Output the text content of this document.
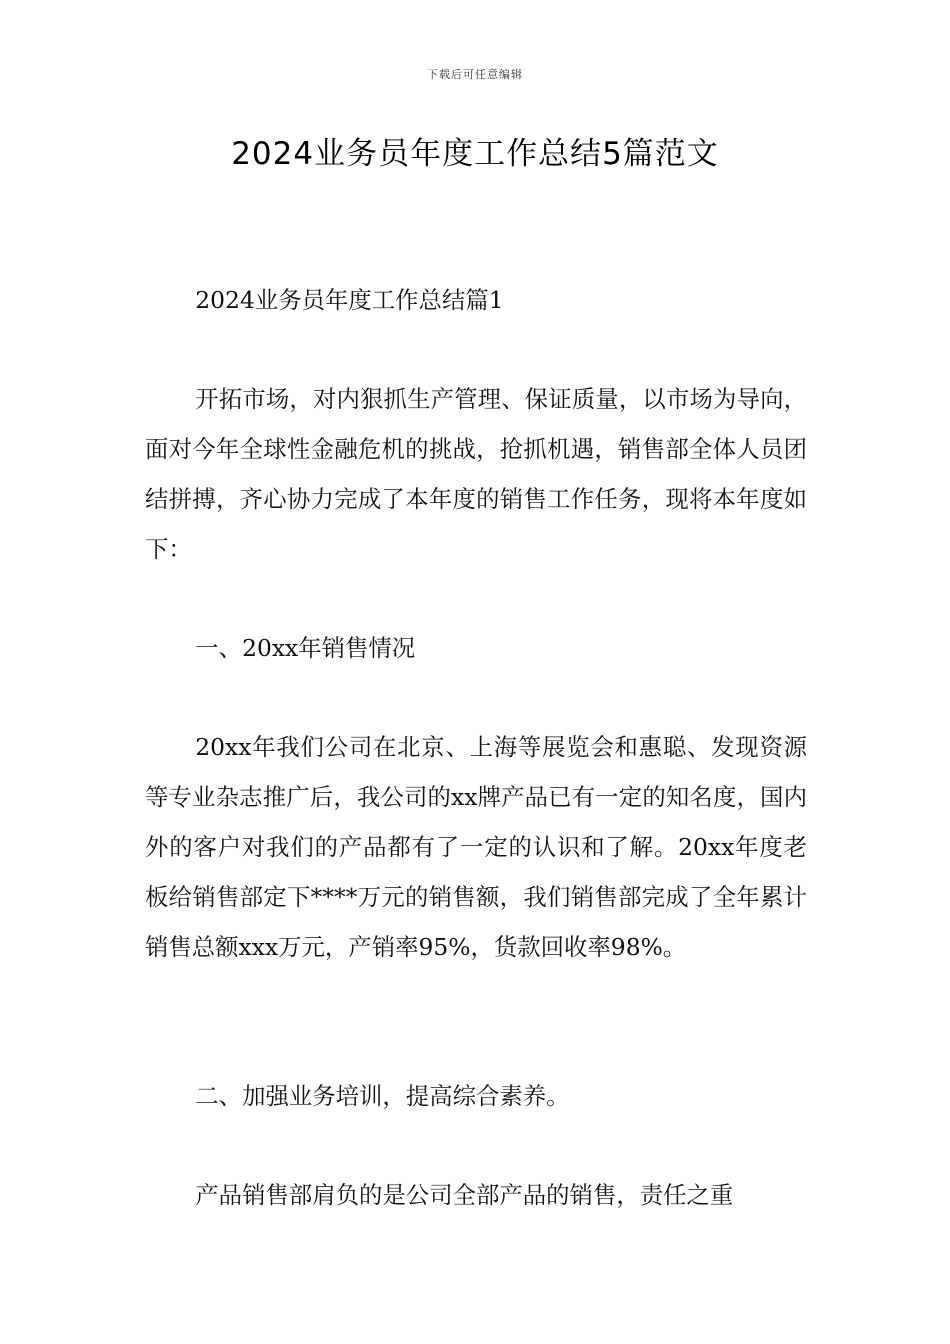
下载后可任意编辑
2024业务员年度工作总结5篇范文

2024业务员年度工作总结篇1

开拓市场，对内狠抓生产管理、保证质量，以市场为导向，面对今年全球性金融危机的挑战，抢抓机遇，销售部全体人员团结拼搏，齐心协力完成了本年度的销售工作任务，现将本年度如下：

一、20xx年销售情况

20xx年我们公司在北京、上海等展览会和惠聪、发现资源等专业杂志推广后，我公司的xx牌产品已有一定的知名度，国内外的客户对我们的产品都有了一定的认识和了解。20xx年度老板给销售部定下****万元的销售额，我们销售部完成了全年累计销售总额xxx万元，产销率95%，货款回收率98%。

二、加强业务培训，提高综合素养。

产品销售部肩负的是公司全部产品的销售，责任之重
